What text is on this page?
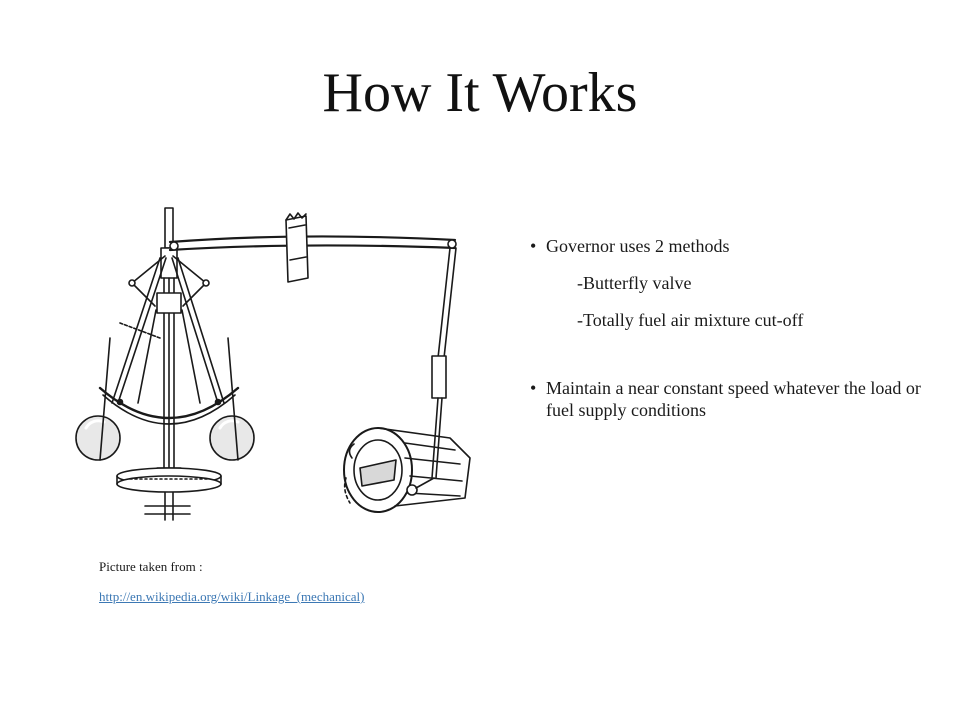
How It Works
• Governor uses 2 methods
-Butterfly valve
-Totally fuel air mixture cut-off
• Maintain a near constant speed whatever the load or fuel supply conditions
Picture taken from :
http://en.wikipedia.org/wiki/Linkage_(mechanical)
